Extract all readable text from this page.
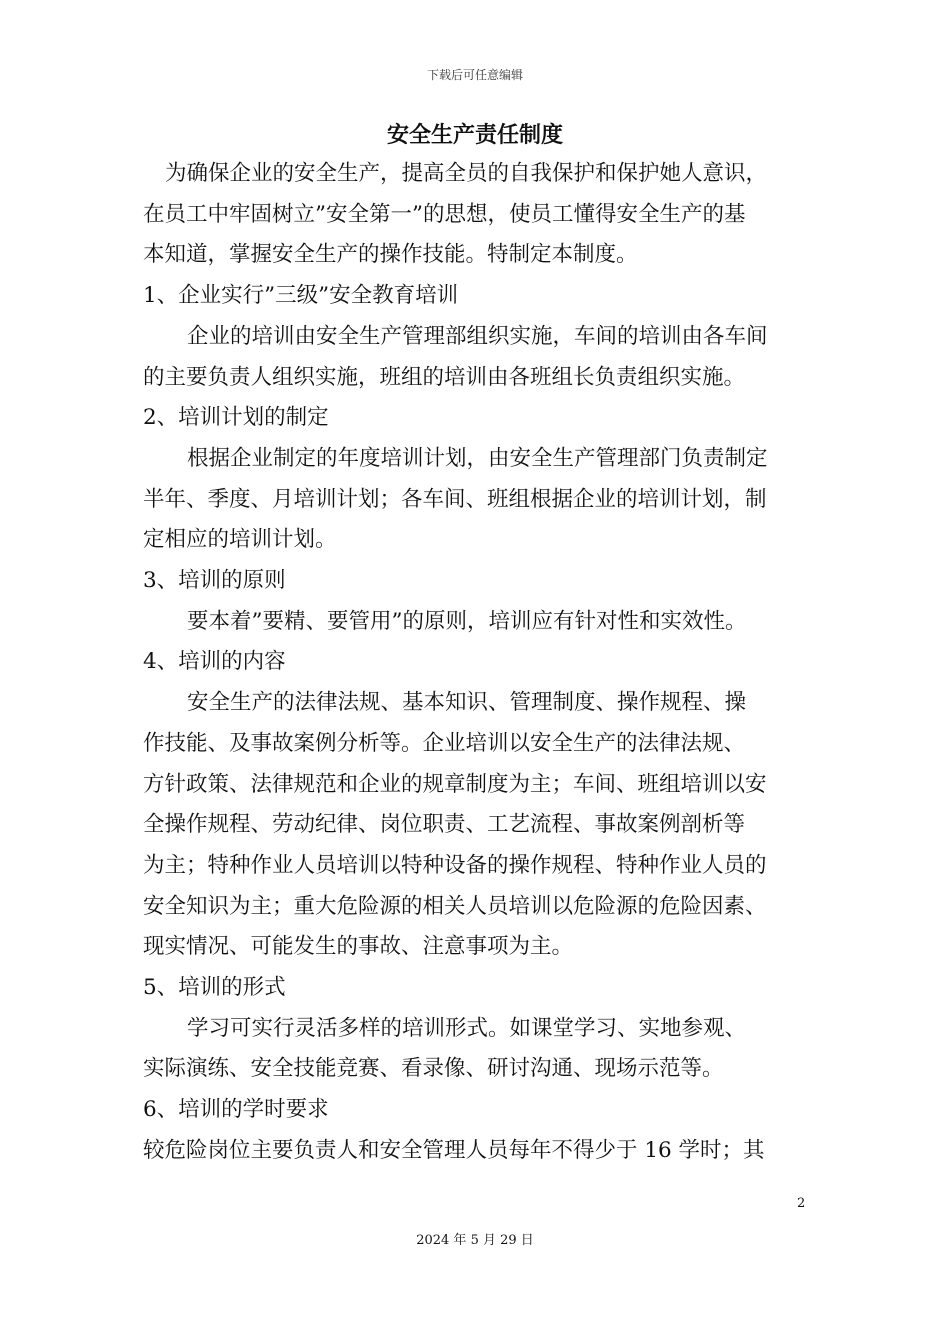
下载后可任意编辑
安全生产责任制度

为确保企业的安全生产，提高全员的自我保护和保护她人意识，

在员工中牢固树立”安全第一”的思想，使员工懂得安全生产的基

本知道，掌握安全生产的操作技能。特制定本制度。

1、企业实行”三级”安全教育培训

企业的培训由安全生产管理部组织实施，车间的培训由各车间

的主要负责人组织实施，班组的培训由各班组长负责组织实施。

2、培训计划的制定

根据企业制定的年度培训计划，由安全生产管理部门负责制定

半年、季度、月培训计划；各车间、班组根据企业的培训计划，制

定相应的培训计划。

3、培训的原则

要本着”要精、要管用”的原则，培训应有针对性和实效性。

4、培训的内容

安全生产的法律法规、基本知识、管理制度、操作规程、操

作技能、及事故案例分析等。企业培训以安全生产的法律法规、

方针政策、法律规范和企业的规章制度为主；车间、班组培训以安

全操作规程、劳动纪律、岗位职责、工艺流程、事故案例剖析等

为主；特种作业人员培训以特种设备的操作规程、特种作业人员的

安全知识为主；重大危险源的相关人员培训以危险源的危险因素、

现实情况、可能发生的事故、注意事项为主。

5、培训的形式

学习可实行灵活多样的培训形式。如课堂学习、实地参观、

实际演练、安全技能竞赛、看录像、研讨沟通、现场示范等。

6、培训的学时要求

较危险岗位主要负责人和安全管理人员每年不得少于 16 学时；其

2
2024 年 5 月 29 日
